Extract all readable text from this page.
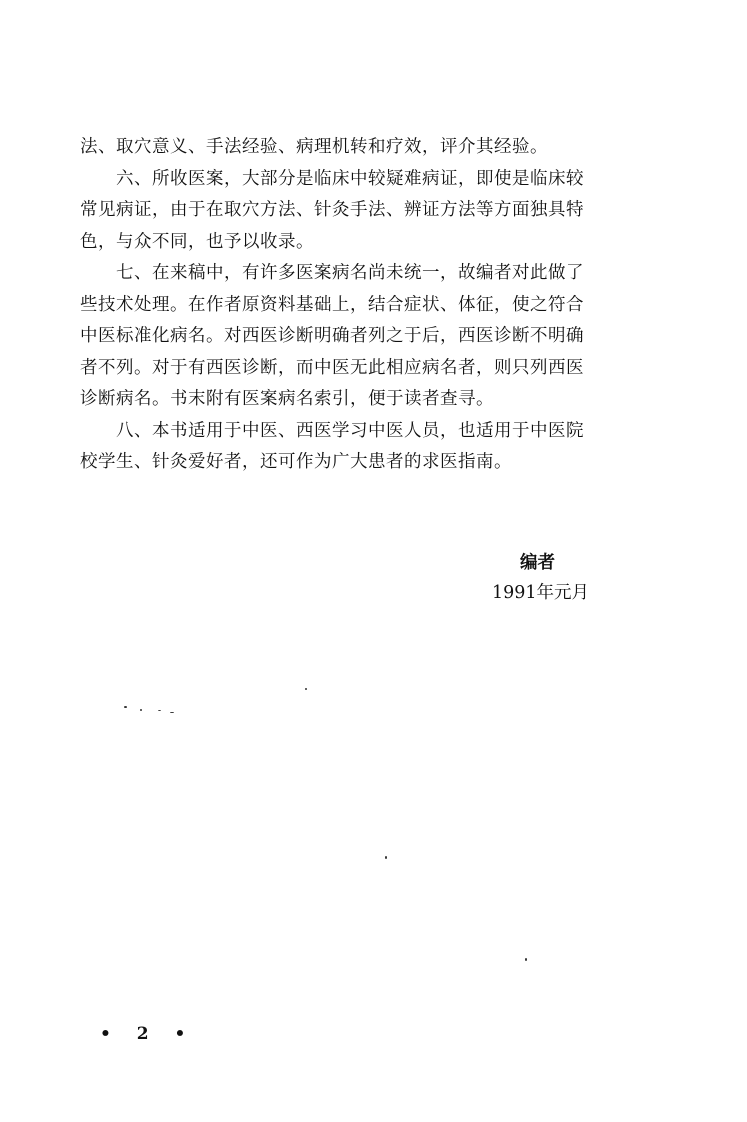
法、取穴意义、手法经验、病理机转和疗效，评介其经验。
六、所收医案，大部分是临床中较疑难病证，即使是临床较
常见病证，由于在取穴方法、针灸手法、辨证方法等方面独具特
色，与众不同，也予以收录。
七、在来稿中，有许多医案病名尚未统一，故编者对此做了
些技术处理。在作者原资料基础上，结合症状、体征，使之符合
中医标准化病名。对西医诊断明确者列之于后，西医诊断不明确
者不列。对于有西医诊断，而中医无此相应病名者，则只列西医
诊断病名。书末附有医案病名索引，便于读者查寻。
八、本书适用于中医、西医学习中医人员，也适用于中医院
校学生、针灸爱好者，还可作为广大患者的求医指南。
编者
1991年元月
• 2 •
